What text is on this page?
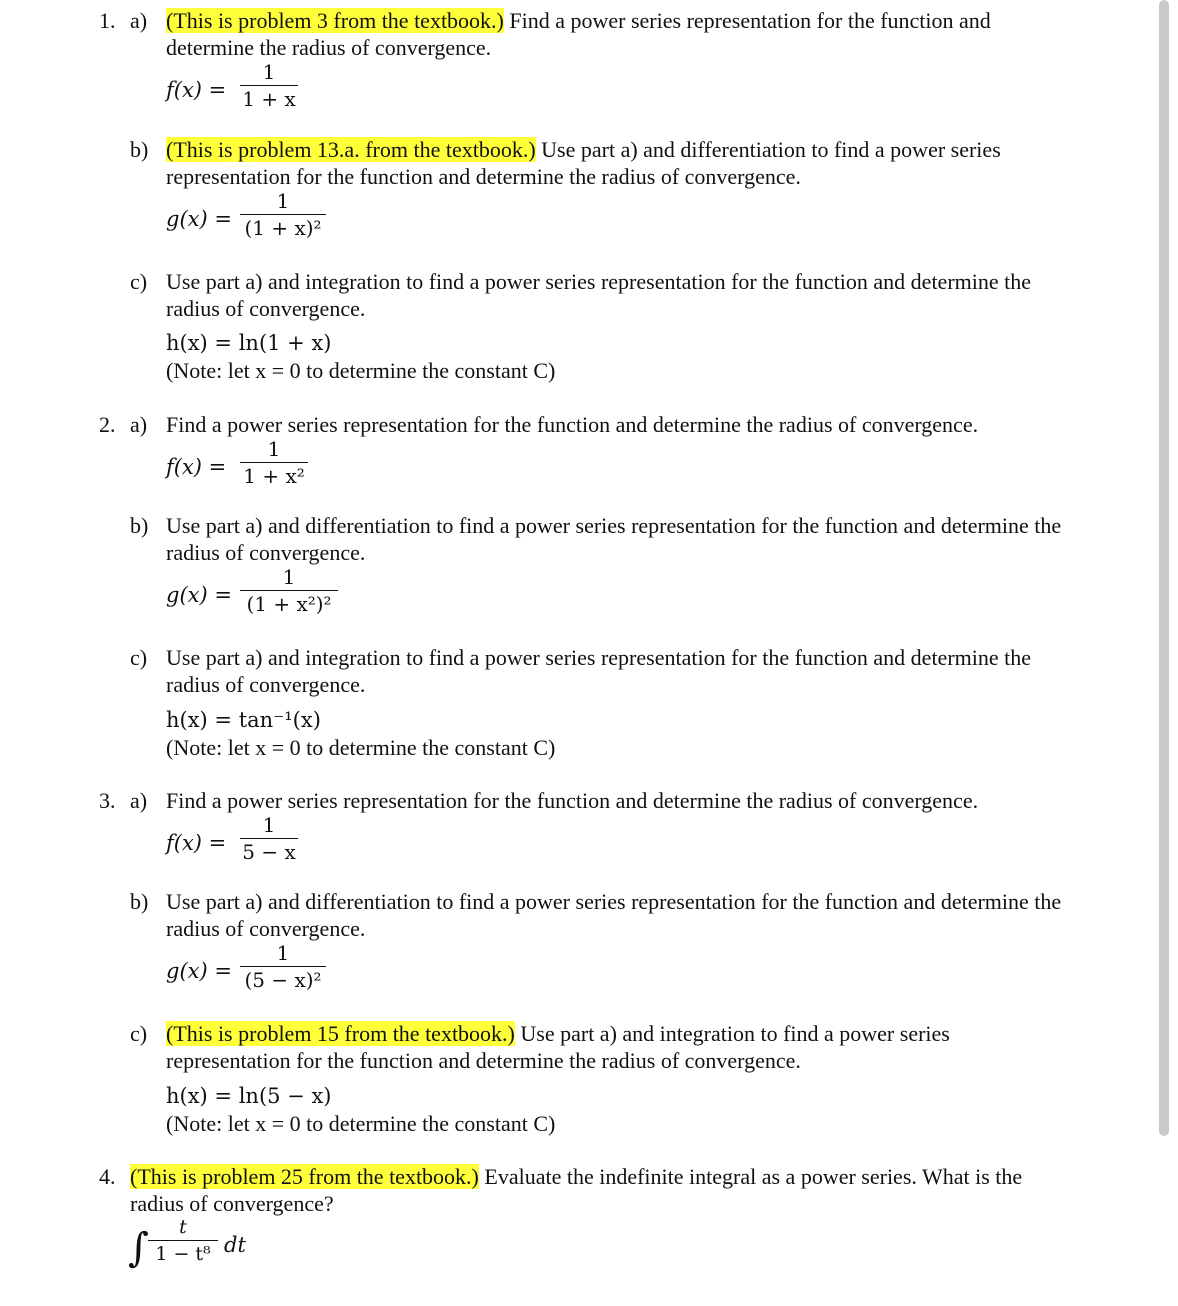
1. a) (This is problem 3 from the textbook.) Find a power series representation for the function and
determine the radius of convergence.
f(x) =
1
1 + x
b) (This is problem 13.a. from the textbook.) Use part a) and differentiation to find a power series
representation for the function and determine the radius of convergence.
g(x) =
1
(1 + x)²
c) Use part a) and integration to find a power series representation for the function and determine the
radius of convergence.
h(x) = ln(1 + x)
(Note: let x = 0 to determine the constant C)
2. a) Find a power series representation for the function and determine the radius of convergence.
f(x) =
1
1 + x²
b) Use part a) and differentiation to find a power series representation for the function and determine the
radius of convergence.
g(x) =
1
(1 + x²)²
c) Use part a) and integration to find a power series representation for the function and determine the
radius of convergence.
h(x) = tan⁻¹(x)
(Note: let x = 0 to determine the constant C)
3. a) Find a power series representation for the function and determine the radius of convergence.
f(x) =
1
5 − x
b) Use part a) and differentiation to find a power series representation for the function and determine the
radius of convergence.
g(x) =
1
(5 − x)²
c) (This is problem 15 from the textbook.) Use part a) and integration to find a power series
representation for the function and determine the radius of convergence.
h(x) = ln(5 − x)
(Note: let x = 0 to determine the constant C)
4. (This is problem 25 from the textbook.) Evaluate the indefinite integral as a power series. What is the
radius of convergence?
∫	t
1 − t⁸ dt
